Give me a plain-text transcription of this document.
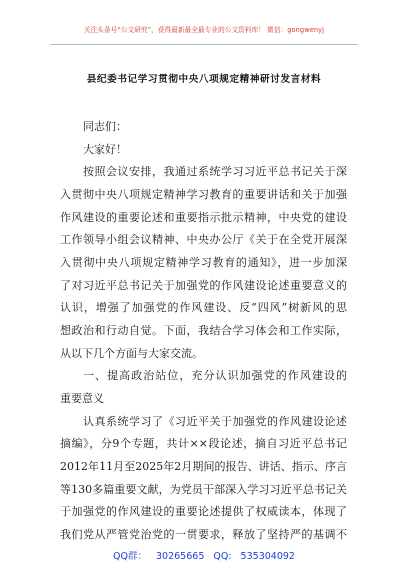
关注头条号“公文研究”，获得最新最全最专业的公文资料库！ 微信：gongwenyj
县纪委书记学习贯彻中央八项规定精神研讨发言材料
同志们：
大家好！
按照会议安排，我通过系统学习习近平总书记关于深
入贯彻中央八项规定精神学习教育的重要讲话和关于加强
作风建设的重要论述和重要指示批示精神，中央党的建设
工作领导小组会议精神、中央办公厅《关于在全党开展深
入贯彻中央八项规定精神学习教育的通知》，进一步加深
了对习近平总书记关于加强党的作风建设论述重要意义的
认识，增强了加强党的作风建设、反“四风”树新风的思
想政治和行动自觉。下面，我结合学习体会和工作实际，
从以下几个方面与大家交流。
一、提高政治站位，充分认识加强党的作风建设的
重要意义
认真系统学习了《习近平关于加强党的作风建设论述
摘编》，分9个专题，共计××段论述，摘自习近平总书记
2012年11月至2025年2月期间的报告、讲话、指示、序言
等130多篇重要文献，为党员干部深入学习习近平总书记关
于加强党的作风建设的重要论述提供了权威读本，体现了
我们党从严管党治党的一贯要求，释放了坚持严的基调不
QQ群： 30265665 QQ: 535304092
